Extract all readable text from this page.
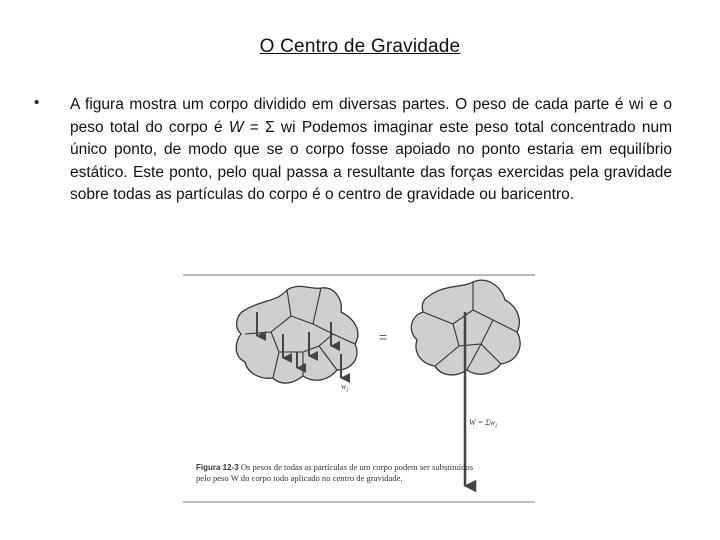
O Centro de Gravidade
• A figura mostra um corpo dividido em diversas partes. O peso de cada parte é wi e o peso total do corpo é W = Σ wi Podemos imaginar este peso total concentrado num único ponto, de modo que se o corpo fosse apoiado no ponto estaria em equilíbrio estático. Este ponto, pelo qual passa a resultante das forças exercidas pela gravidade sobre todas as partículas do corpo é o centro de gravidade ou baricentro.
=
$w_i$
$W = \Sigma w_i$
Figura 12-3 Os pesos de todas as partículas de um corpo podem ser substituídos pelo peso W do corpo todo aplicado no centro de gravidade.
